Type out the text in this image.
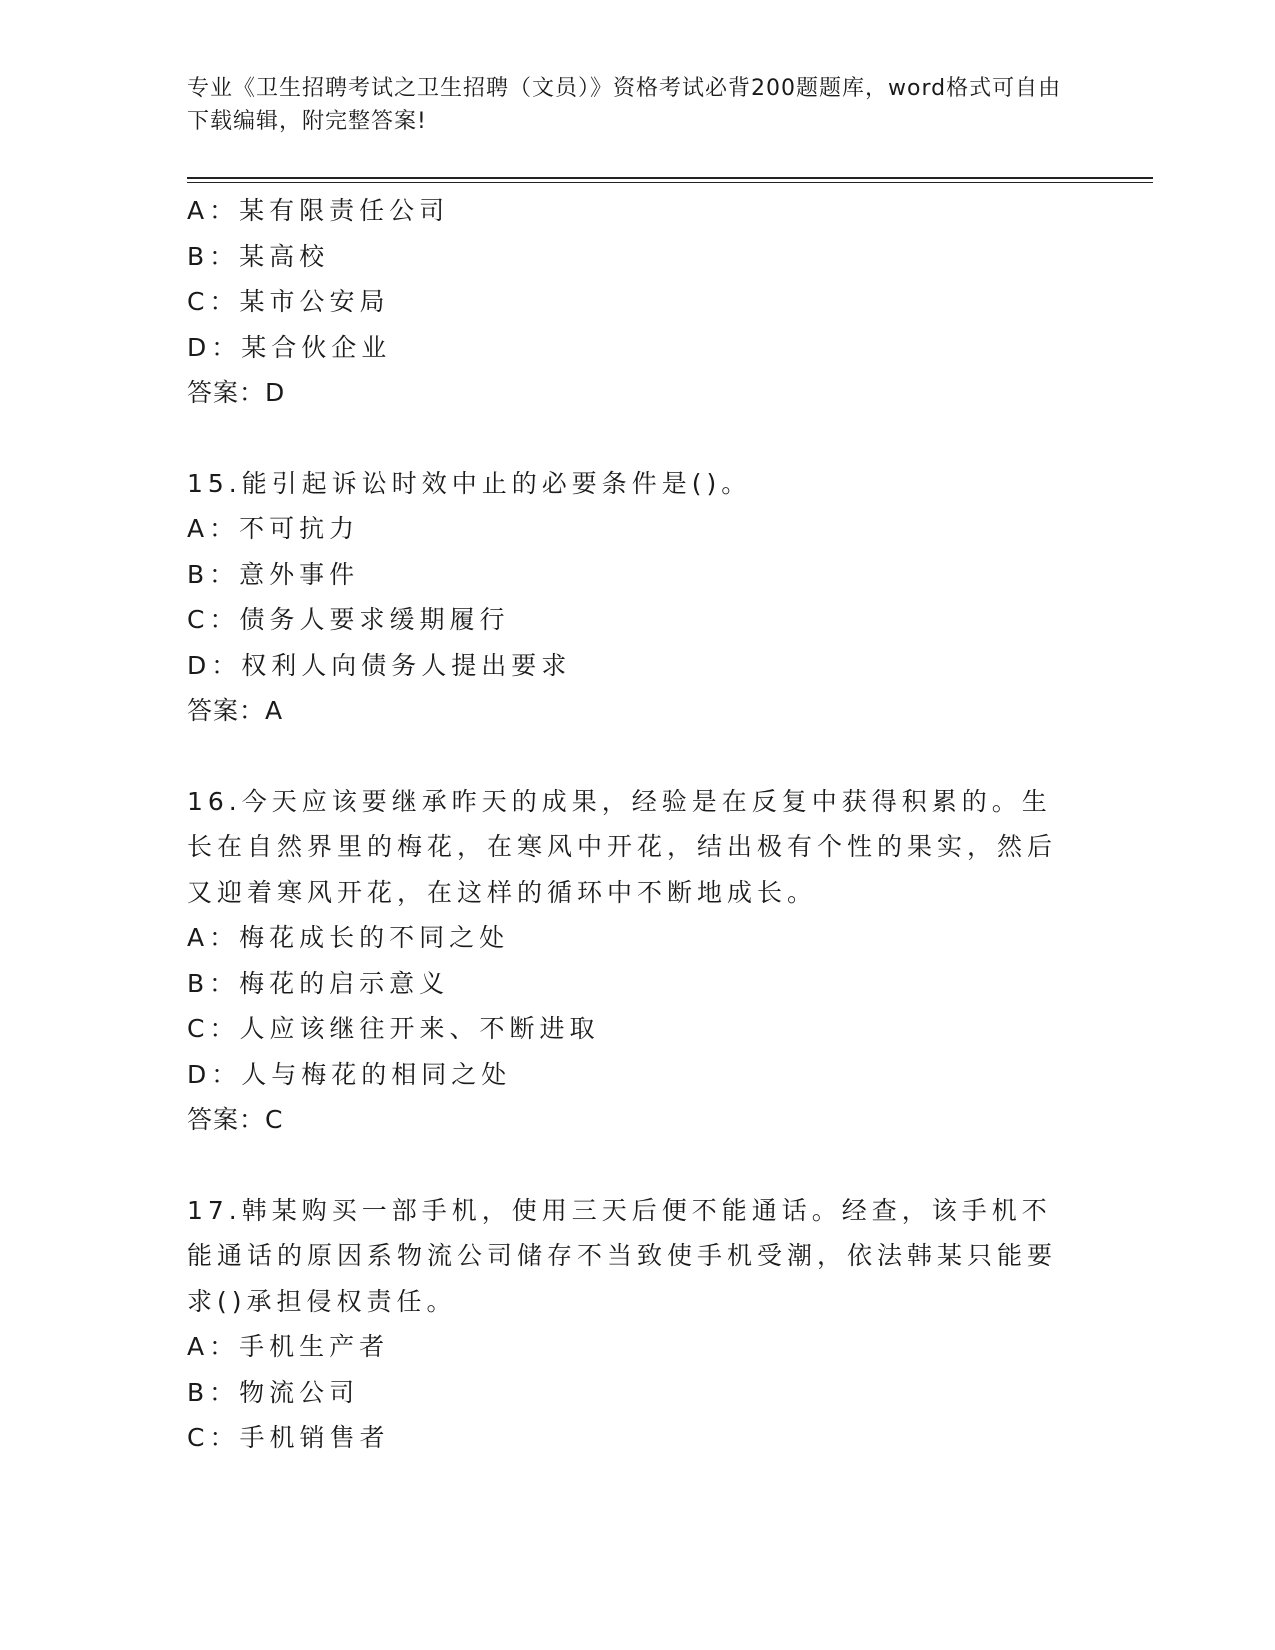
专业《卫生招聘考试之卫生招聘（文员）》资格考试必背200题题库，word格式可自由下载编辑，附完整答案!
A：某有限责任公司
B：某高校
C：某市公安局
D：某合伙企业
答案：D
15.能引起诉讼时效中止的必要条件是()。
A：不可抗力
B：意外事件
C：债务人要求缓期履行
D：权利人向债务人提出要求
答案：A
16.今天应该要继承昨天的成果，经验是在反复中获得积累的。生长在自然界里的梅花，在寒风中开花，结出极有个性的果实，然后又迎着寒风开花，在这样的循环中不断地成长。
A：梅花成长的不同之处
B：梅花的启示意义
C：人应该继往开来、不断进取
D：人与梅花的相同之处
答案：C
17.韩某购买一部手机，使用三天后便不能通话。经查，该手机不能通话的原因系物流公司储存不当致使手机受潮，依法韩某只能要求()承担侵权责任。
A：手机生产者
B：物流公司
C：手机销售者
